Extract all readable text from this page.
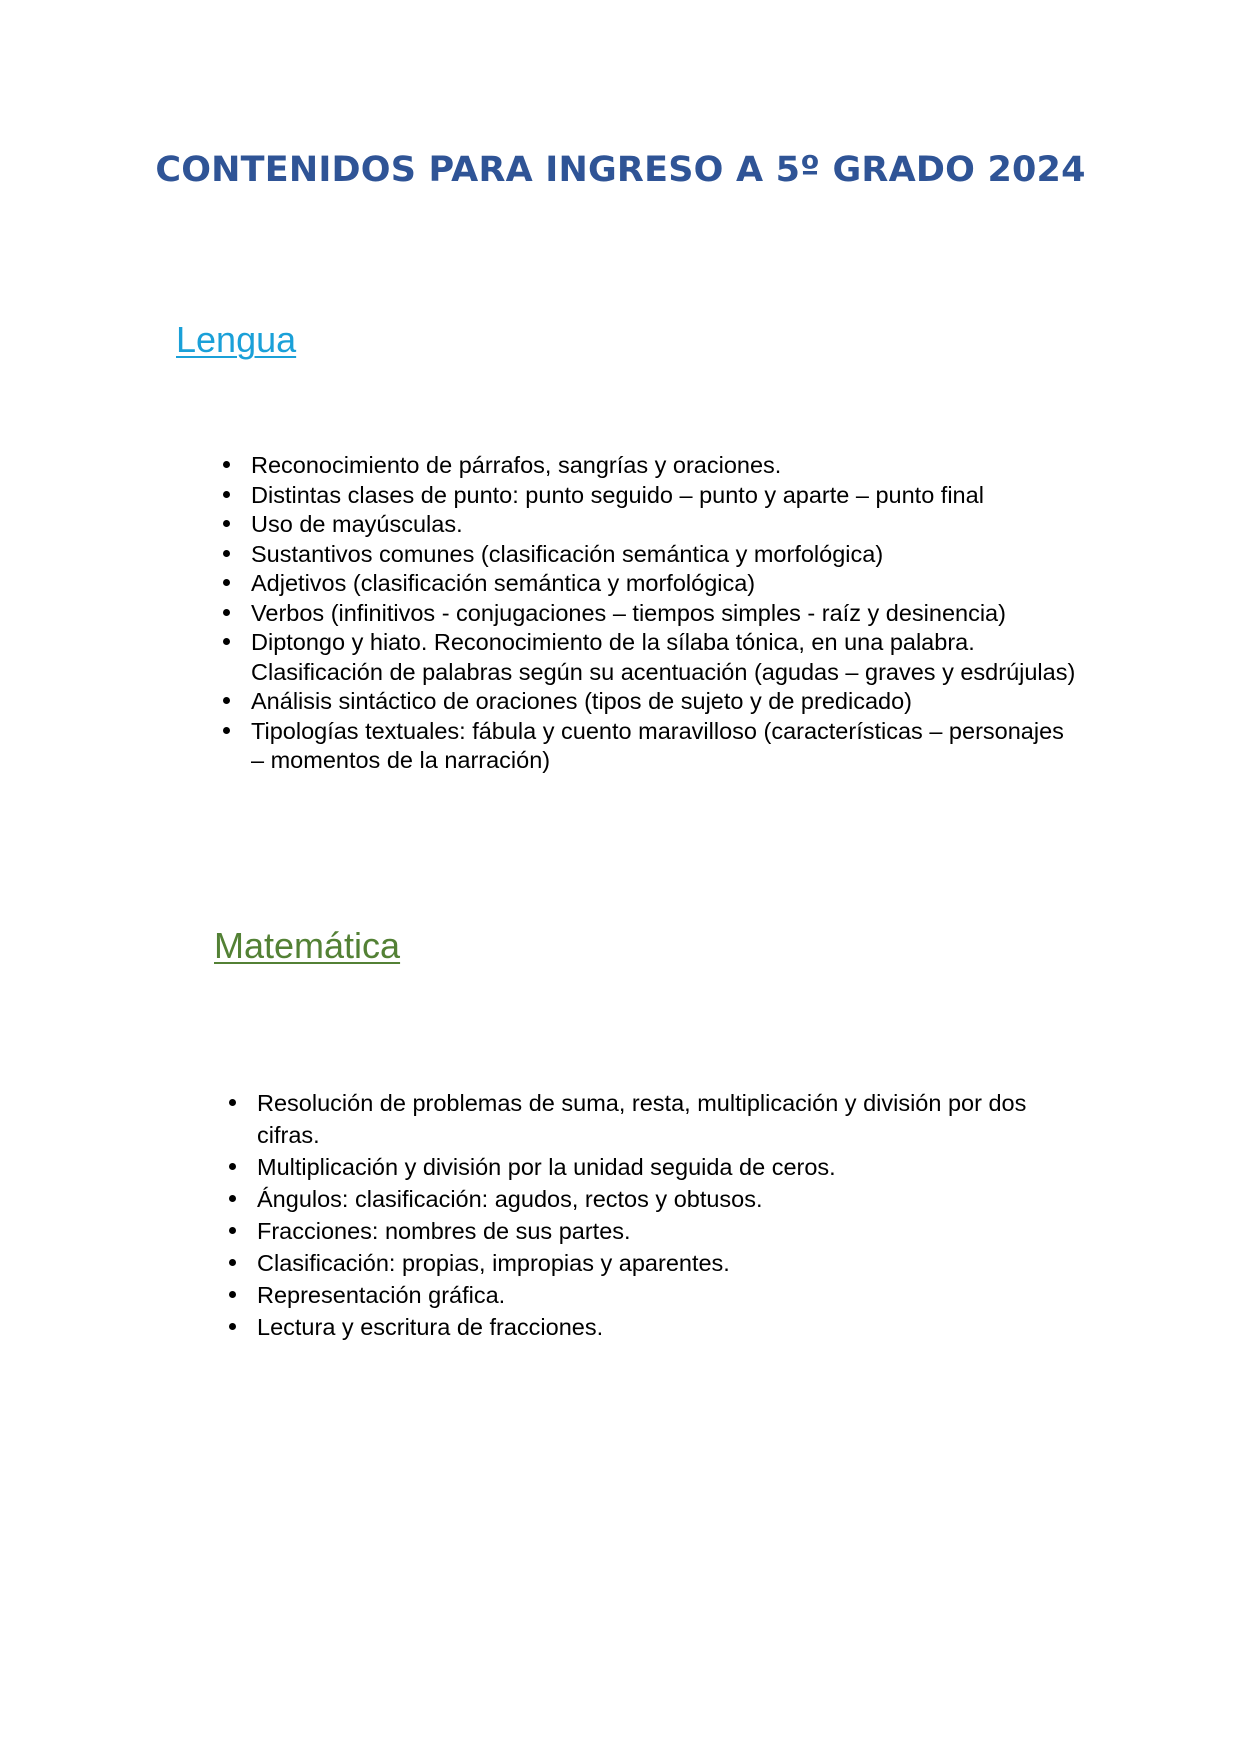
CONTENIDOS PARA INGRESO A 5º GRADO 2024
Lengua
Reconocimiento de párrafos, sangrías y oraciones.
Distintas clases de punto: punto seguido – punto y aparte – punto final
Uso de mayúsculas.
Sustantivos comunes (clasificación semántica y morfológica)
Adjetivos (clasificación semántica y morfológica)
Verbos (infinitivos - conjugaciones – tiempos simples - raíz y desinencia)
Diptongo y hiato. Reconocimiento de la sílaba tónica, en una palabra. Clasificación de palabras según su acentuación (agudas – graves y esdrújulas)
Análisis sintáctico de oraciones (tipos de sujeto y de predicado)
Tipologías textuales: fábula y cuento maravilloso (características – personajes – momentos de la narración)
Matemática
Resolución de problemas de suma, resta, multiplicación y división por dos      cifras.
Multiplicación y división por la unidad seguida de ceros.
Ángulos: clasificación: agudos, rectos y obtusos.
Fracciones: nombres de sus partes.
Clasificación: propias, impropias y aparentes.
Representación gráfica.
Lectura y escritura de fracciones.
